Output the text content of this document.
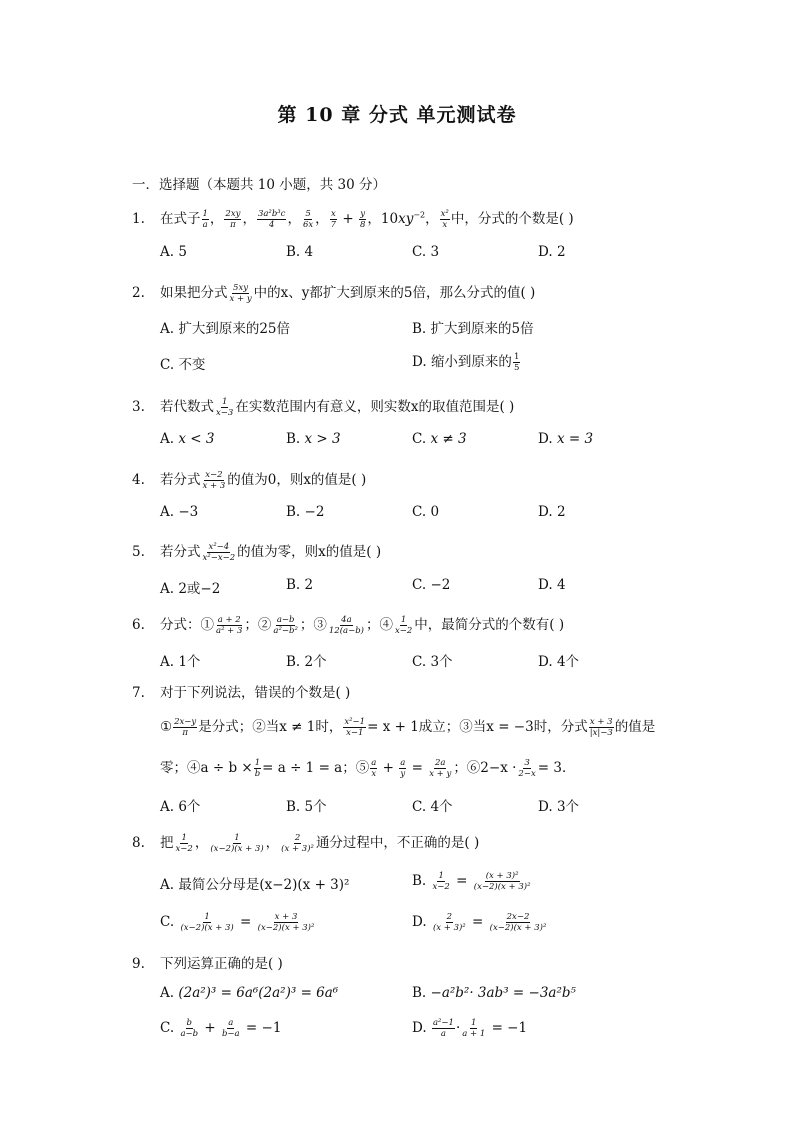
第 10 章 分式 单元测试卷
一．选择题（本题共 10 小题，共 30 分）
1. 在式子 $\frac{1}{a}$ ， $\frac{2xy}{\pi}$ ， $\frac{\text{3a²b³c}}{4}$ ， $\frac{5}{6x}$ ， $\frac{x}{7} + \frac{y}{8}$ ，$10xy^{-2}$， $\frac{\text{x²}}{x}$ 中，分式的个数是( )
A. 5	B. 4	C. 3	D. 2
2. 如果把分式 $\frac{5xy}{x + y}$ 中的x、y都扩大到原来的5倍，那么分式的值( )
A. 扩大到原来的25倍	B. 扩大到原来的5倍
C. 不变	D. 缩小到原来的 $\frac{1}{5}$
3. 若代数式 $\frac{1}{x-3}$ 在实数范围内有意义，则实数x的取值范围是( )
A. x < 3	B. x > 3	C. x ≠ 3	D. x = 3
4. 若分式 $\frac{x-2}{x + 3}$ 的值为0，则x的值是( )
A. −3	B. −2	C. 0	D. 2
5. 若分式 $\frac{\text{x²−4}}{\text{x²−x−2}}$ 的值为零，则x的值是( )
A. 2或−2	B. 2	C. −2	D. 4
6. 分式：① $\frac{a + 2}{\text{a² + 3}}$ ；② $\frac{a-b}{\text{a²−b²}}$ ；③ $\frac{4a}{12(a-b)}$ ；④ $\frac{1}{x-2}$ 中，最简分式的个数有( )
A. 1个	B. 2个	C. 3个	D. 4个
7. 对于下列说法，错误的个数是( )
① $\frac{2x-y}{\pi}$ 是分式；②当x ≠ 1时， $\frac{\text{x²−1}}{x-1} = x + 1$成立；③当x = −3时，分式 $\frac{x + 3}{|x|-3}$ 的值是
零；④a ÷ $b \times \frac{1}{b} = a \div 1 = a$；⑤ $\frac{a}{x} + \frac{a}{y} = \frac{2a}{x + y}$ ；⑥2−x · $\frac{3}{2-x} = 3$．
A. 6个	B. 5个	C. 4个	D. 3个
8. 把 $\frac{1}{x-2}$ ， $\frac{1}{(x-2)(x + 3)}$ ， $\frac{2}{\text{(x + 3)²}}$ 通分过程中，不正确的是( )
A. 最简公分母是(x−2)(x + 3)²	B. $\frac{1}{x-2} = \frac{\text{(x + 3)²}}{\text{(x−2)(x + 3)²}}$
C. $\frac{1}{(x-2)(x + 3)} = \frac{x + 3}{\text{(x−2)(x + 3)²}}$	D. $\frac{2}{\text{(x + 3)²}} = \frac{2x-2}{\text{(x−2)(x + 3)²}}$
9. 下列运算正确的是( )
A. (2a²)³ = 6a⁶(2a²)³ = 6a⁶	B. −a²b²· 3ab³ = −3a²b⁵
C. $\frac{b}{a-b} + \frac{a}{b-a} = -1$	D. $\frac{\text{a²−1}}{a} \cdot \frac{1}{a + 1} = -1$
